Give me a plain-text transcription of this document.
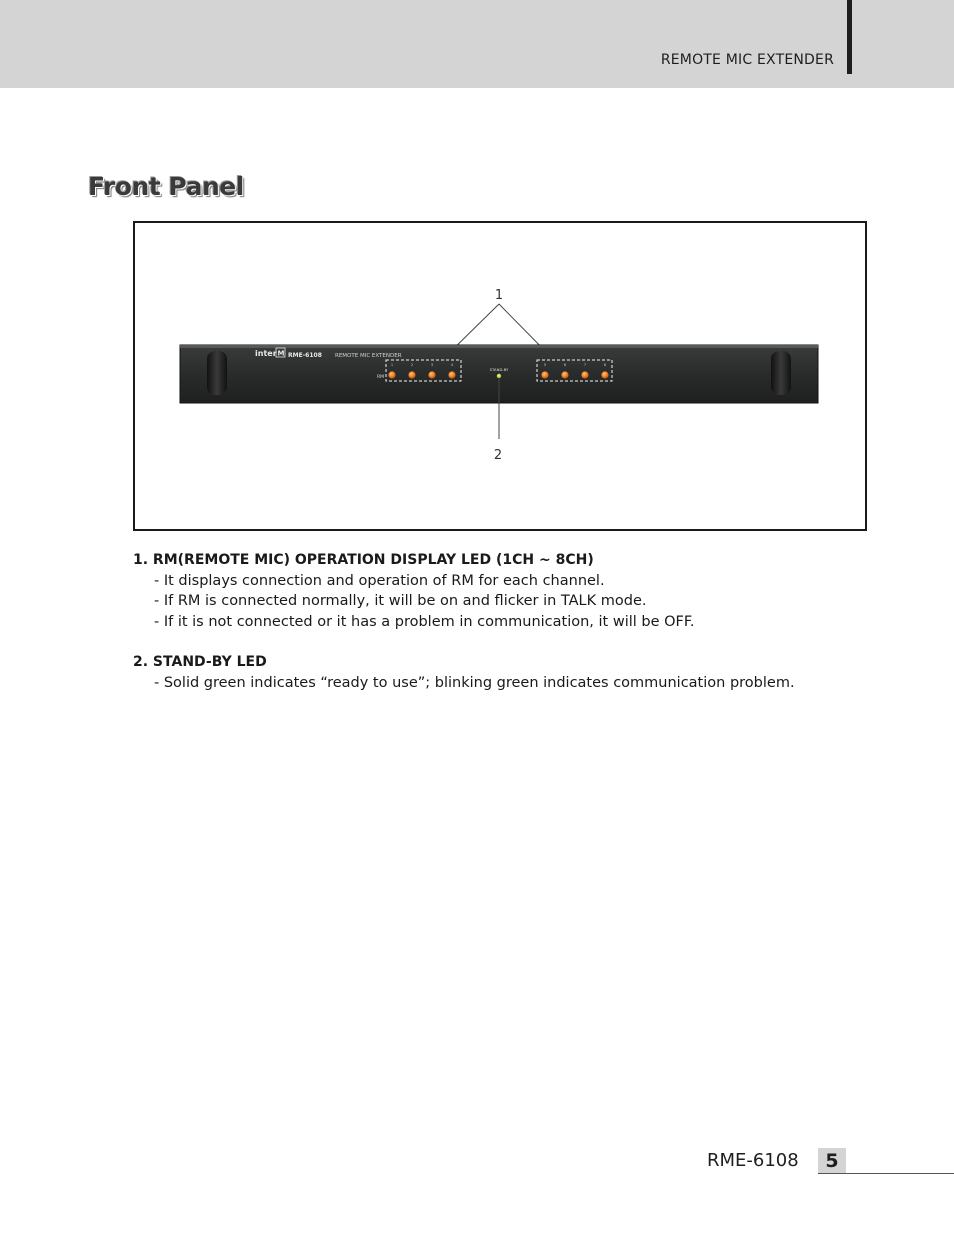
REMOTE MIC EXTENDER
Front Panel
1
inter M RME-6108 REMOTE MIC EXTENDER
RM
1	2	3	4	5	6	7	8
STAND-BY
2
1. RM(REMOTE MIC) OPERATION DISPLAY LED (1CH ~ 8CH)
- It displays connection and operation of RM for each channel.
- If RM is connected normally, it will be on and flicker in TALK mode.
- If it is not connected or it has a problem in communication, it will be OFF.
2. STAND-BY LED
- Solid green indicates “ready to use”; blinking green indicates communication problem.
RME-6108	5
